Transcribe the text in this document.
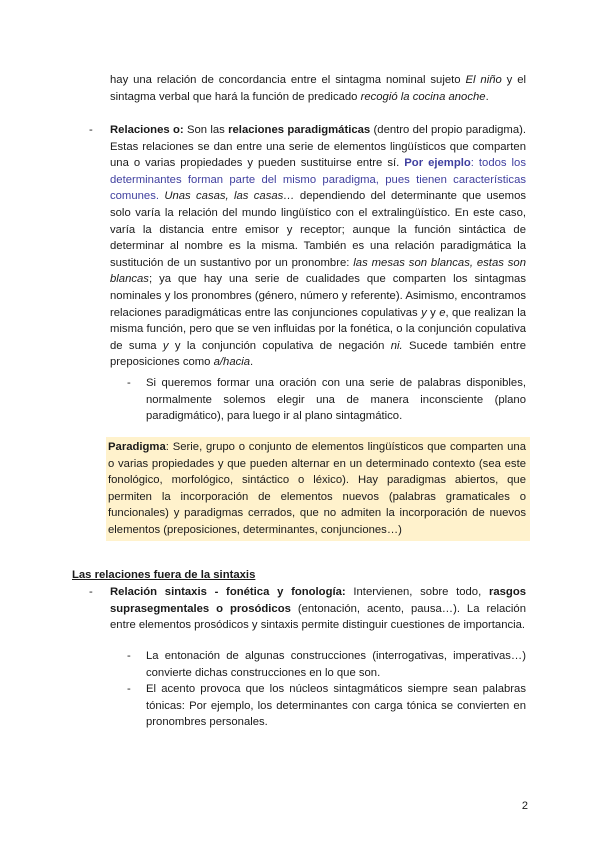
hay una relación de concordancia entre el sintagma nominal sujeto El niño y el sintagma verbal que hará la función de predicado recogió la cocina anoche.
- Relaciones o: Son las relaciones paradigmáticas (dentro del propio paradigma). Estas relaciones se dan entre una serie de elementos lingüísticos que comparten una o varias propiedades y pueden sustituirse entre sí. Por ejemplo: todos los determinantes forman parte del mismo paradigma, pues tienen características comunes. Unas casas, las casas… dependiendo del determinante que usemos solo varía la relación del mundo lingüístico con el extralingüístico. En este caso, varía la distancia entre emisor y receptor; aunque la función sintáctica de determinar al nombre es la misma. También es una relación paradigmática la sustitución de un sustantivo por un pronombre: las mesas son blancas, estas son blancas; ya que hay una serie de cualidades que comparten los sintagmas nominales y los pronombres (género, número y referente). Asimismo, encontramos relaciones paradigmáticas entre las conjunciones copulativas y y e, que realizan la misma función, pero que se ven influidas por la fonética, o la conjunción copulativa de suma y y la conjunción copulativa de negación ni. Sucede también entre preposiciones como a/hacia.
- Si queremos formar una oración con una serie de palabras disponibles, normalmente solemos elegir una de manera inconsciente (plano paradigmático), para luego ir al plano sintagmático.
Paradigma: Serie, grupo o conjunto de elementos lingüísticos que comparten una o varias propiedades y que pueden alternar en un determinado contexto (sea este fonológico, morfológico, sintáctico o léxico). Hay paradigmas abiertos, que permiten la incorporación de elementos nuevos (palabras gramaticales o funcionales) y paradigmas cerrados, que no admiten la incorporación de nuevos elementos (preposiciones, determinantes, conjunciones…)
Las relaciones fuera de la sintaxis
- Relación sintaxis - fonética y fonología: Intervienen, sobre todo, rasgos suprasegmentales o prosódicos (entonación, acento, pausa…). La relación entre elementos prosódicos y sintaxis permite distinguir cuestiones de importancia.
- La entonación de algunas construcciones (interrogativas, imperativas…) convierte dichas construcciones en lo que son.
- El acento provoca que los núcleos sintagmáticos siempre sean palabras tónicas: Por ejemplo, los determinantes con carga tónica se convierten en pronombres personales.
2
